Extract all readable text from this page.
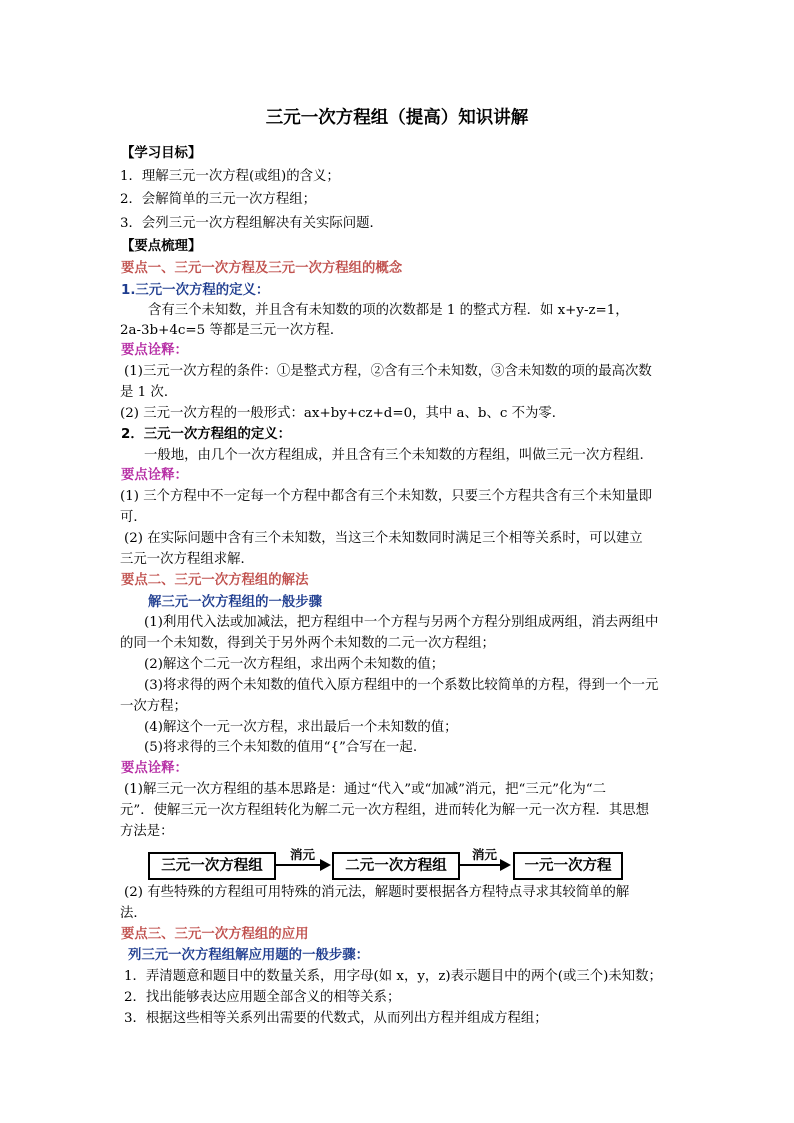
三元一次方程组（提高）知识讲解
【学习目标】
1．理解三元一次方程(或组)的含义；
2．会解简单的三元一次方程组；
3．会列三元一次方程组解决有关实际问题．
【要点梳理】
要点一、三元一次方程及三元一次方程组的概念
1.三元一次方程的定义：
含有三个未知数，并且含有未知数的项的次数都是 1 的整式方程．如 x+y-z=1，
2a-3b+4c=5 等都是三元一次方程．
要点诠释：
(1)三元一次方程的条件：①是整式方程，②含有三个未知数，③含未知数的项的最高次数
是 1 次．
(2) 三元一次方程的一般形式：ax+by+cz+d=0，其中 a、b、c 不为零．
2．三元一次方程组的定义：
一般地，由几个一次方程组成，并且含有三个未知数的方程组，叫做三元一次方程组.
要点诠释：
(1) 三个方程中不一定每一个方程中都含有三个未知数，只要三个方程共含有三个未知量即
可．
(2) 在实际问题中含有三个未知数，当这三个未知数同时满足三个相等关系时，可以建立
三元一次方程组求解．
要点二、三元一次方程组的解法
解三元一次方程组的一般步骤
(1)利用代入法或加减法，把方程组中一个方程与另两个方程分别组成两组，消去两组中
的同一个未知数，得到关于另外两个未知数的二元一次方程组；
(2)解这个二元一次方程组，求出两个未知数的值；
(3)将求得的两个未知数的值代入原方程组中的一个系数比较简单的方程，得到一个一元
一次方程；
(4)解这个一元一次方程，求出最后一个未知数的值；
(5)将求得的三个未知数的值用“{”合写在一起.
要点诠释：
(1)解三元一次方程组的基本思路是：通过“代入”或“加减”消元，把“三元”化为“二
元”．使解三元一次方程组转化为解二元一次方程组，进而转化为解一元一次方程．其思想
方法是：
三元一次方程组
消元
二元一次方程组
消元
一元一次方程
(2) 有些特殊的方程组可用特殊的消元法，解题时要根据各方程特点寻求其较简单的解
法．
要点三、三元一次方程组的应用
列三元一次方程组解应用题的一般步骤：
1．弄清题意和题目中的数量关系，用字母(如 x，y，z)表示题目中的两个(或三个)未知数；
2．找出能够表达应用题全部含义的相等关系；
3．根据这些相等关系列出需要的代数式，从而列出方程并组成方程组；
